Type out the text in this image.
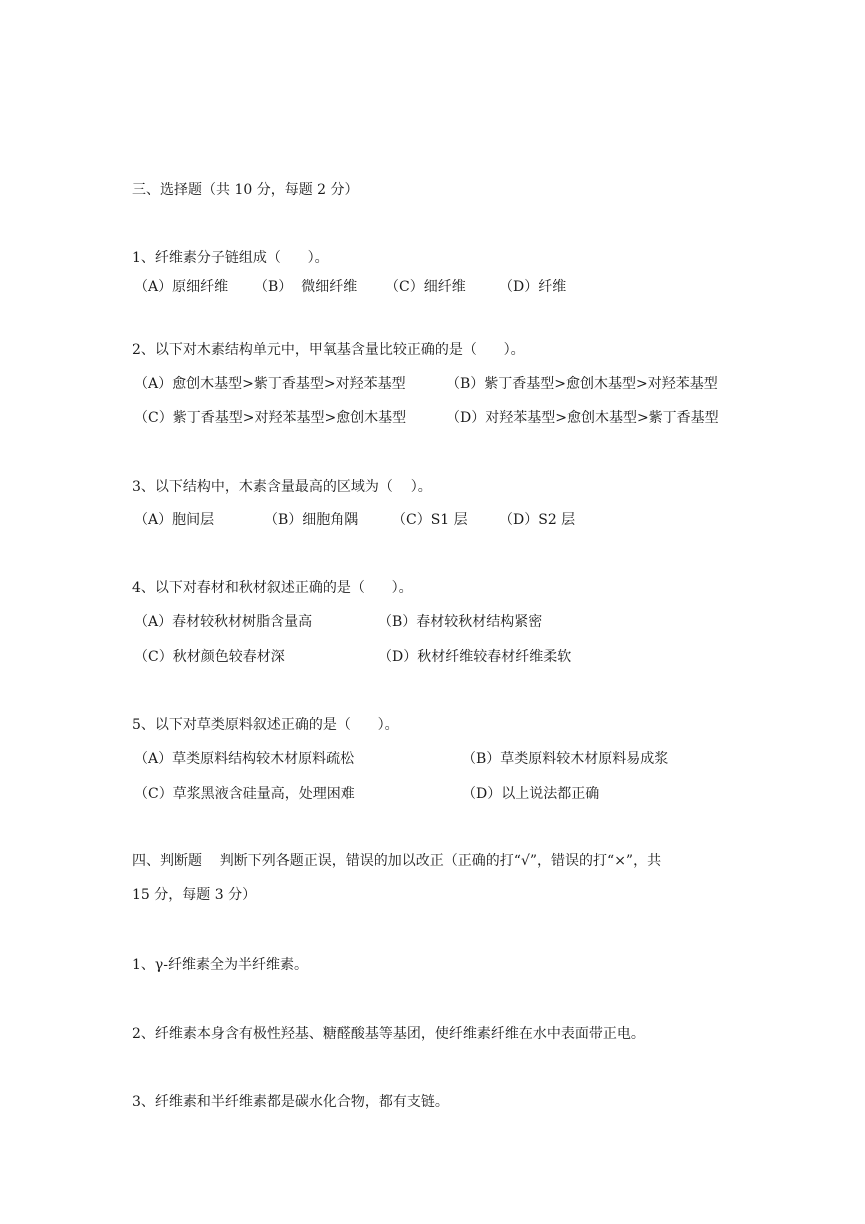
三、选择题（共 10 分，每题 2 分）
1、纤维素分子链组成（      ）。
（A）原细纤维 （B）  微细纤维 （C）细纤维 （D）纤维
2、以下对木素结构单元中，甲氧基含量比较正确的是（      ）。
（A）愈创木基型>紫丁香基型>对羟苯基型	（B）紫丁香基型>愈创木基型>对羟苯基型
（C）紫丁香基型>对羟苯基型>愈创木基型	（D）对羟苯基型>愈创木基型>紫丁香基型
3、以下结构中，木素含量最高的区域为（    ）。
（A）胞间层	（B）细胞角隅 （C）S1 层 （D）S2 层
4、以下对春材和秋材叙述正确的是（      ）。
（A）春材较秋材树脂含量高	（B）春材较秋材结构紧密
（C）秋材颜色较春材深	（D）秋材纤维较春材纤维柔软
5、以下对草类原料叙述正确的是（      ）。
（A）草类原料结构较木材原料疏松	（B）草类原料较木材原料易成浆
（C）草浆黑液含硅量高，处理困难	（D）以上说法都正确
四、判断题    判断下列各题正误，错误的加以改正（正确的打“√”，错误的打“×”，共
15 分，每题 3 分）
1、γ-纤维素全为半纤维素。
2、纤维素本身含有极性羟基、糖醛酸基等基团，使纤维素纤维在水中表面带正电。
3、纤维素和半纤维素都是碳水化合物，都有支链。
